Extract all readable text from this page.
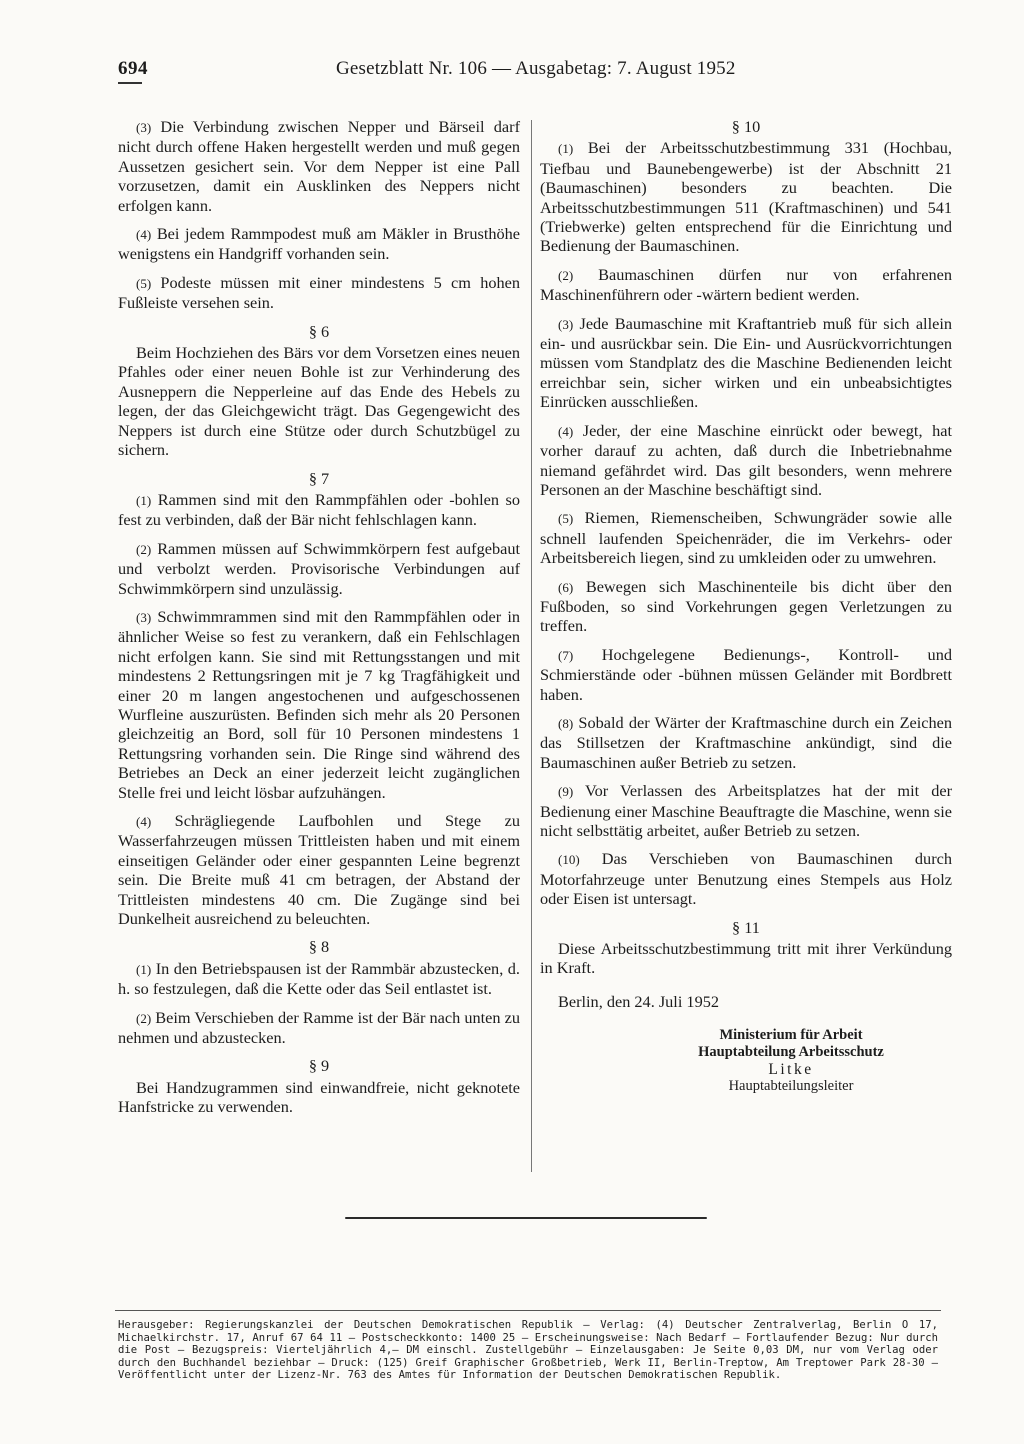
694	Gesetzblatt Nr. 106 — Ausgabetag: 7. August 1952

(3) Die Verbindung zwischen Nepper und Bärseil darf nicht durch offene Haken hergestellt werden und muß gegen Aussetzen gesichert sein. Vor dem Nepper ist eine Pall vorzusetzen, damit ein Ausklinken des Neppers nicht erfolgen kann.

(4) Bei jedem Rammpodest muß am Mäkler in Brusthöhe wenigstens ein Handgriff vorhanden sein.

(5) Podeste müssen mit einer mindestens 5 cm hohen Fußleiste versehen sein.

§ 6

Beim Hochziehen des Bärs vor dem Vorsetzen eines neuen Pfahles oder einer neuen Bohle ist zur Verhinderung des Ausneppern die Nepperleine auf das Ende des Hebels zu legen, der das Gleichgewicht trägt. Das Gegengewicht des Neppers ist durch eine Stütze oder durch Schutzbügel zu sichern.

§ 7

(1) Rammen sind mit den Rammpfählen oder -bohlen so fest zu verbinden, daß der Bär nicht fehlschlagen kann.

(2) Rammen müssen auf Schwimmkörpern fest aufgebaut und verbolzt werden. Provisorische Verbindungen auf Schwimmkörpern sind unzulässig.

(3) Schwimmrammen sind mit den Rammpfählen oder in ähnlicher Weise so fest zu verankern, daß ein Fehlschlagen nicht erfolgen kann. Sie sind mit Rettungsstangen und mit mindestens 2 Rettungsringen mit je 7 kg Tragfähigkeit und einer 20 m langen angestochenen und aufgeschossenen Wurfleine auszurüsten. Befinden sich mehr als 20 Personen gleichzeitig an Bord, soll für 10 Personen mindestens 1 Rettungsring vorhanden sein. Die Ringe sind während des Betriebes an Deck an einer jederzeit leicht zugänglichen Stelle frei und leicht lösbar aufzuhängen.

(4) Schrägliegende Laufbohlen und Stege zu Wasserfahrzeugen müssen Trittleisten haben und mit einem einseitigen Geländer oder einer gespannten Leine begrenzt sein. Die Breite muß 41 cm betragen, der Abstand der Trittleisten mindestens 40 cm. Die Zugänge sind bei Dunkelheit ausreichend zu beleuchten.

§ 8

(1) In den Betriebspausen ist der Rammbär abzustecken, d. h. so festzulegen, daß die Kette oder das Seil entlastet ist.

(2) Beim Verschieben der Ramme ist der Bär nach unten zu nehmen und abzustecken.

§ 9

Bei Handzugrammen sind einwandfreie, nicht geknotete Hanfstricke zu verwenden.

§ 10

(1) Bei der Arbeitsschutzbestimmung 331 (Hochbau, Tiefbau und Baunebengewerbe) ist der Abschnitt 21 (Baumaschinen) besonders zu beachten. Die Arbeitsschutzbestimmungen 511 (Kraftmaschinen) und 541 (Triebwerke) gelten entsprechend für die Einrichtung und Bedienung der Baumaschinen.

(2) Baumaschinen dürfen nur von erfahrenen Maschinenführern oder -wärtern bedient werden.

(3) Jede Baumaschine mit Kraftantrieb muß für sich allein ein- und ausrückbar sein. Die Ein- und Ausrückvorrichtungen müssen vom Standplatz des die Maschine Bedienenden leicht erreichbar sein, sicher wirken und ein unbeabsichtigtes Einrücken ausschließen.

(4) Jeder, der eine Maschine einrückt oder bewegt, hat vorher darauf zu achten, daß durch die Inbetriebnahme niemand gefährdet wird. Das gilt besonders, wenn mehrere Personen an der Maschine beschäftigt sind.

(5) Riemen, Riemenscheiben, Schwungräder sowie alle schnell laufenden Speichenräder, die im Verkehrs- oder Arbeitsbereich liegen, sind zu umkleiden oder zu umwehren.

(6) Bewegen sich Maschinenteile bis dicht über den Fußboden, so sind Vorkehrungen gegen Verletzungen zu treffen.

(7) Hochgelegene Bedienungs-, Kontroll- und Schmierstände oder -bühnen müssen Geländer mit Bordbrett haben.

(8) Sobald der Wärter der Kraftmaschine durch ein Zeichen das Stillsetzen der Kraftmaschine ankündigt, sind die Baumaschinen außer Betrieb zu setzen.

(9) Vor Verlassen des Arbeitsplatzes hat der mit der Bedienung einer Maschine Beauftragte die Maschine, wenn sie nicht selbsttätig arbeitet, außer Betrieb zu setzen.

(10) Das Verschieben von Baumaschinen durch Motorfahrzeuge unter Benutzung eines Stempels aus Holz oder Eisen ist untersagt.

§ 11

Diese Arbeitsschutzbestimmung tritt mit ihrer Verkündung in Kraft.

Berlin, den 24. Juli 1952

Ministerium für Arbeit
Hauptabteilung Arbeitsschutz
Litke
Hauptabteilungsleiter
Herausgeber: Regierungskanzlei der Deutschen Demokratischen Republik — Verlag: (4) Deutscher Zentralverlag, Berlin O 17, Michaelkirchstr. 17, Anruf 67 64 11 — Postscheckkonto: 1400 25 — Erscheinungsweise: Nach Bedarf — Fortlaufender Bezug: Nur durch die Post — Bezugspreis: Vierteljährlich 4,— DM einschl. Zustellgebühr — Einzelausgaben: Je Seite 0,03 DM, nur vom Verlag oder durch den Buchhandel beziehbar — Druck: (125) Greif Graphischer Großbetrieb, Werk II, Berlin-Treptow, Am Treptower Park 28-30 — Veröffentlicht unter der Lizenz-Nr. 763 des Amtes für Information der Deutschen Demokratischen Republik.
